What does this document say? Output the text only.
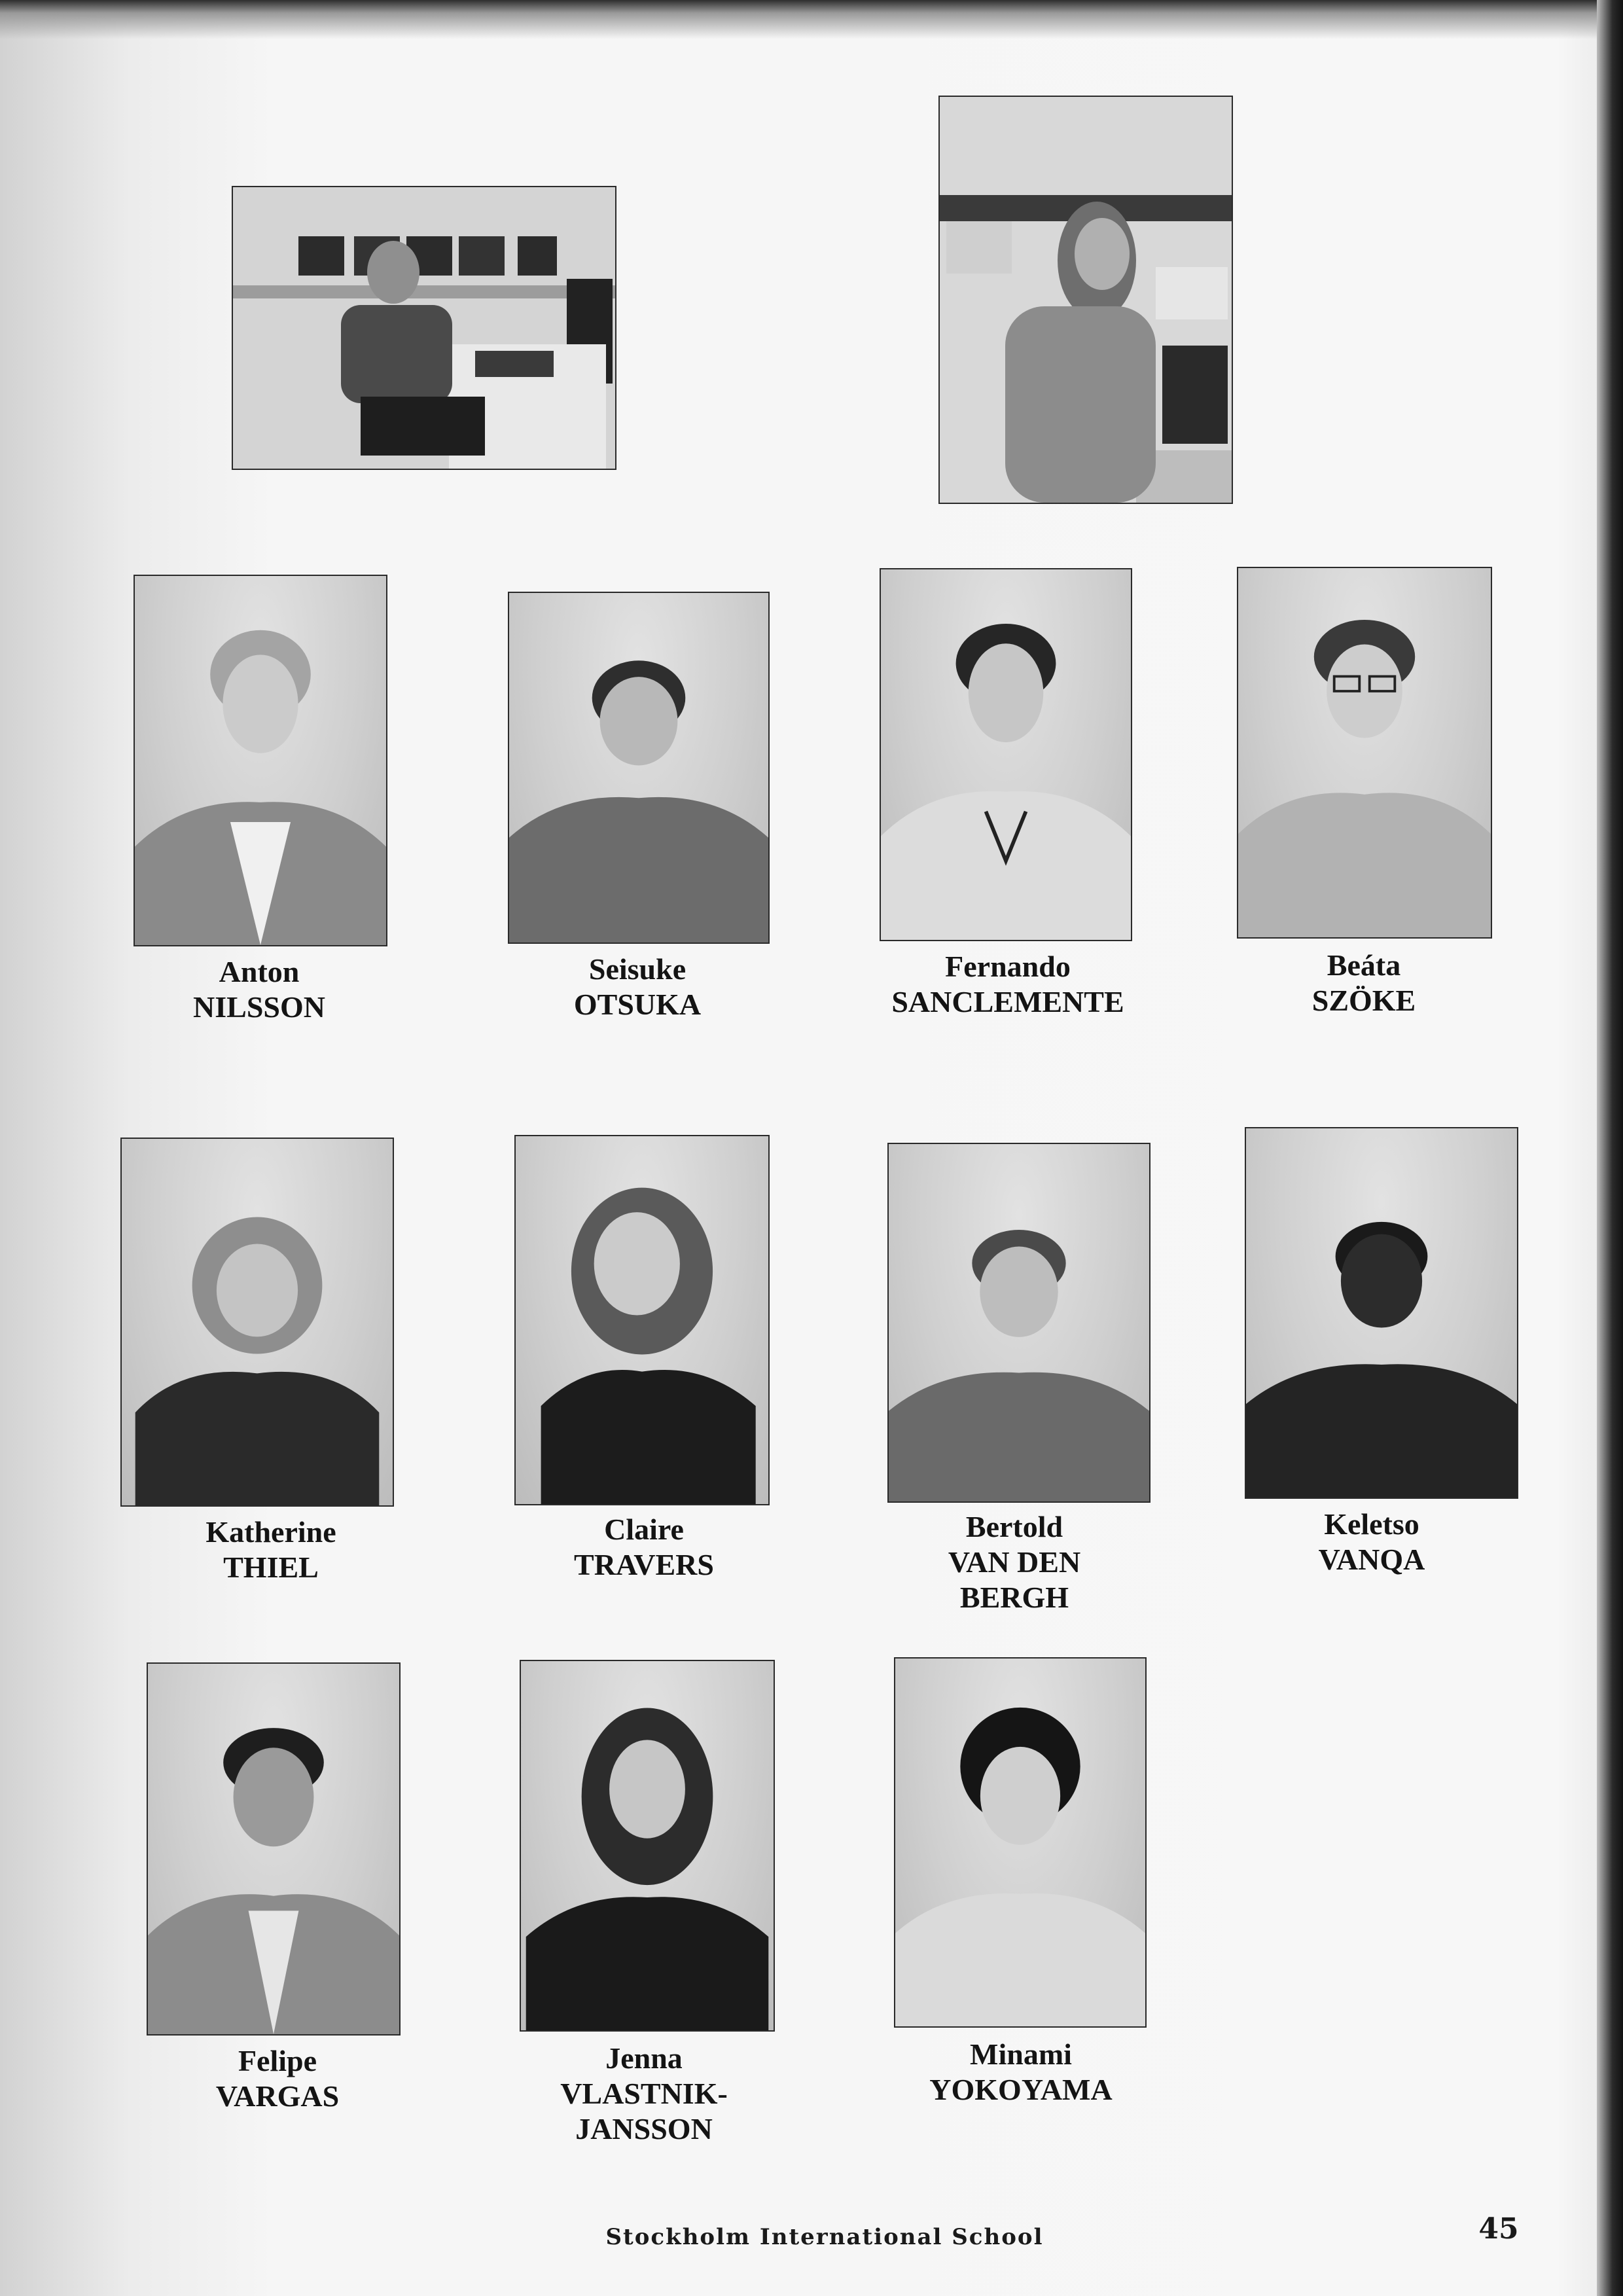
Anton
NILSSON
Seisuke
OTSUKA
Fernando
SANCLEMENTE
Beáta
SZÖKE
Katherine
THIEL
Claire
TRAVERS
Bertold
VAN DEN
BERGH
Keletso
VANQA
Felipe
VARGAS
Jenna
VLASTNIK-
JANSSON
Minami
YOKOYAMA
Stockholm International School	45
